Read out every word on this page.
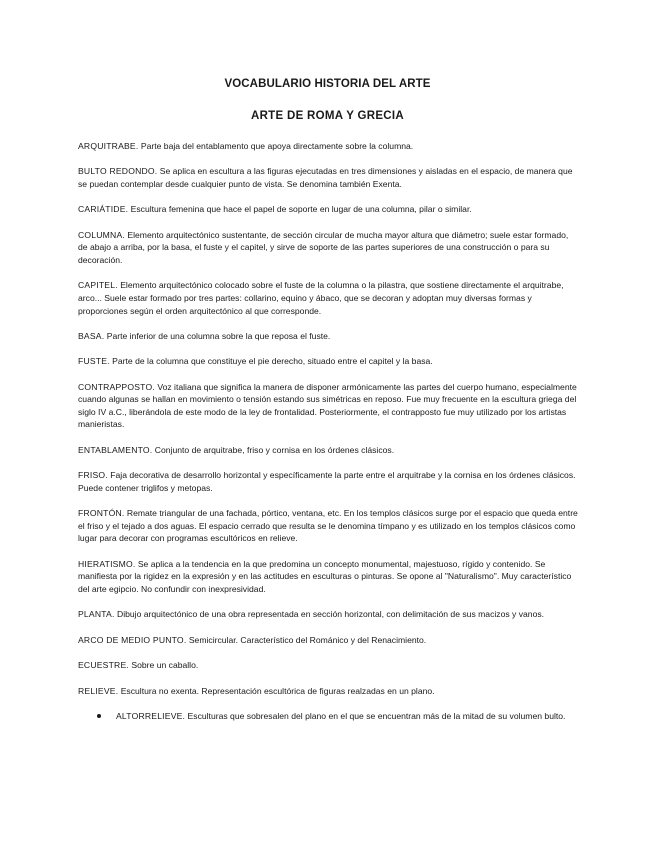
VOCABULARIO HISTORIA DEL ARTE
ARTE DE ROMA Y GRECIA

ARQUITRABE. Parte baja del entablamento que apoya directamente sobre la columna.

BULTO REDONDO. Se aplica en escultura a las figuras ejecutadas en tres dimensiones y aisladas en el espacio, de manera que se puedan contemplar desde cualquier punto de vista. Se denomina también Exenta.

CARIÁTIDE. Escultura femenina que hace el papel de soporte en lugar de una columna, pilar o similar.

COLUMNA. Elemento arquitectónico sustentante, de sección circular de mucha mayor altura que diámetro; suele estar formado, de abajo a arriba, por la basa, el fuste y el capitel, y sirve de soporte de las partes superiores de una construcción o para su decoración.

CAPITEL. Elemento arquitectónico colocado sobre el fuste de la columna o la pilastra, que sostiene directamente el arquitrabe, arco... Suele estar formado por tres partes: collarino, equino y ábaco, que se decoran y adoptan muy diversas formas y proporciones según el orden arquitectónico al que corresponde.

BASA. Parte inferior de una columna sobre la que reposa el fuste.

FUSTE. Parte de la columna que constituye el pie derecho, situado entre el capitel y la basa.

CONTRAPPOSTO. Voz italiana que significa la manera de disponer armónicamente las partes del cuerpo humano, especialmente cuando algunas se hallan en movimiento o tensión estando sus simétricas en reposo. Fue muy frecuente en la escultura griega del siglo IV a.C., liberándola de este modo de la ley de frontalidad. Posteriormente, el contrapposto fue muy utilizado por los artistas manieristas.

ENTABLAMENTO. Conjunto de arquitrabe, friso y cornisa en los órdenes clásicos.

FRISO. Faja decorativa de desarrollo horizontal y específicamente la parte entre el arquitrabe y la cornisa en los órdenes clásicos. Puede contener triglifos y metopas.

FRONTÓN. Remate triangular de una fachada, pórtico, ventana, etc. En los templos clásicos surge por el espacio que queda entre el friso y el tejado a dos aguas. El espacio cerrado que resulta se le denomina tímpano y es utilizado en los templos clásicos como lugar para decorar con programas escultóricos en relieve.

HIERATISMO. Se aplica a la tendencia en la que predomina un concepto monumental, majestuoso, rígido y contenido. Se manifiesta por la rigidez en la expresión y en las actitudes en esculturas o pinturas. Se opone al "Naturalismo". Muy característico del arte egipcio. No confundir con inexpresividad.

PLANTA. Dibujo arquitectónico de una obra representada en sección horizontal, con delimitación de sus macizos y vanos.

ARCO DE MEDIO PUNTO. Semicircular. Característico del Románico y del Renacimiento.

ECUESTRE. Sobre un caballo.

RELIEVE. Escultura no exenta. Representación escultórica de figuras realzadas en un plano.

ALTORRELIEVE. Esculturas que sobresalen del plano en el que se encuentran más de la mitad de su volumen bulto.
